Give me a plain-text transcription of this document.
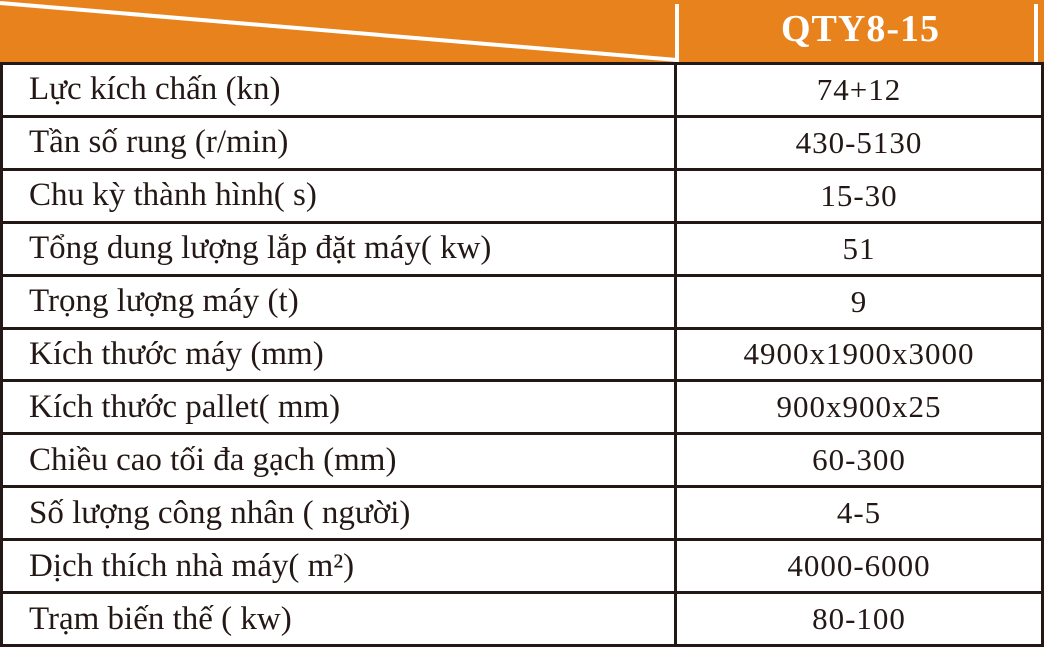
QTY8-15
Lực kích chấn (kn)	74+12
Tần số rung (r/min)	430-5130
Chu kỳ thành hình( s)	15-30
Tổng dung lượng lắp đặt máy( kw)	51
Trọng lượng máy (t)	9
Kích thước máy (mm)	4900x1900x3000
Kích thước pallet( mm)	900x900x25
Chiều cao tối đa gạch (mm)	60-300
Số lượng công nhân ( người)	4-5
Dịch thích nhà máy( m²)	4000-6000
Trạm biến thế ( kw)	80-100
